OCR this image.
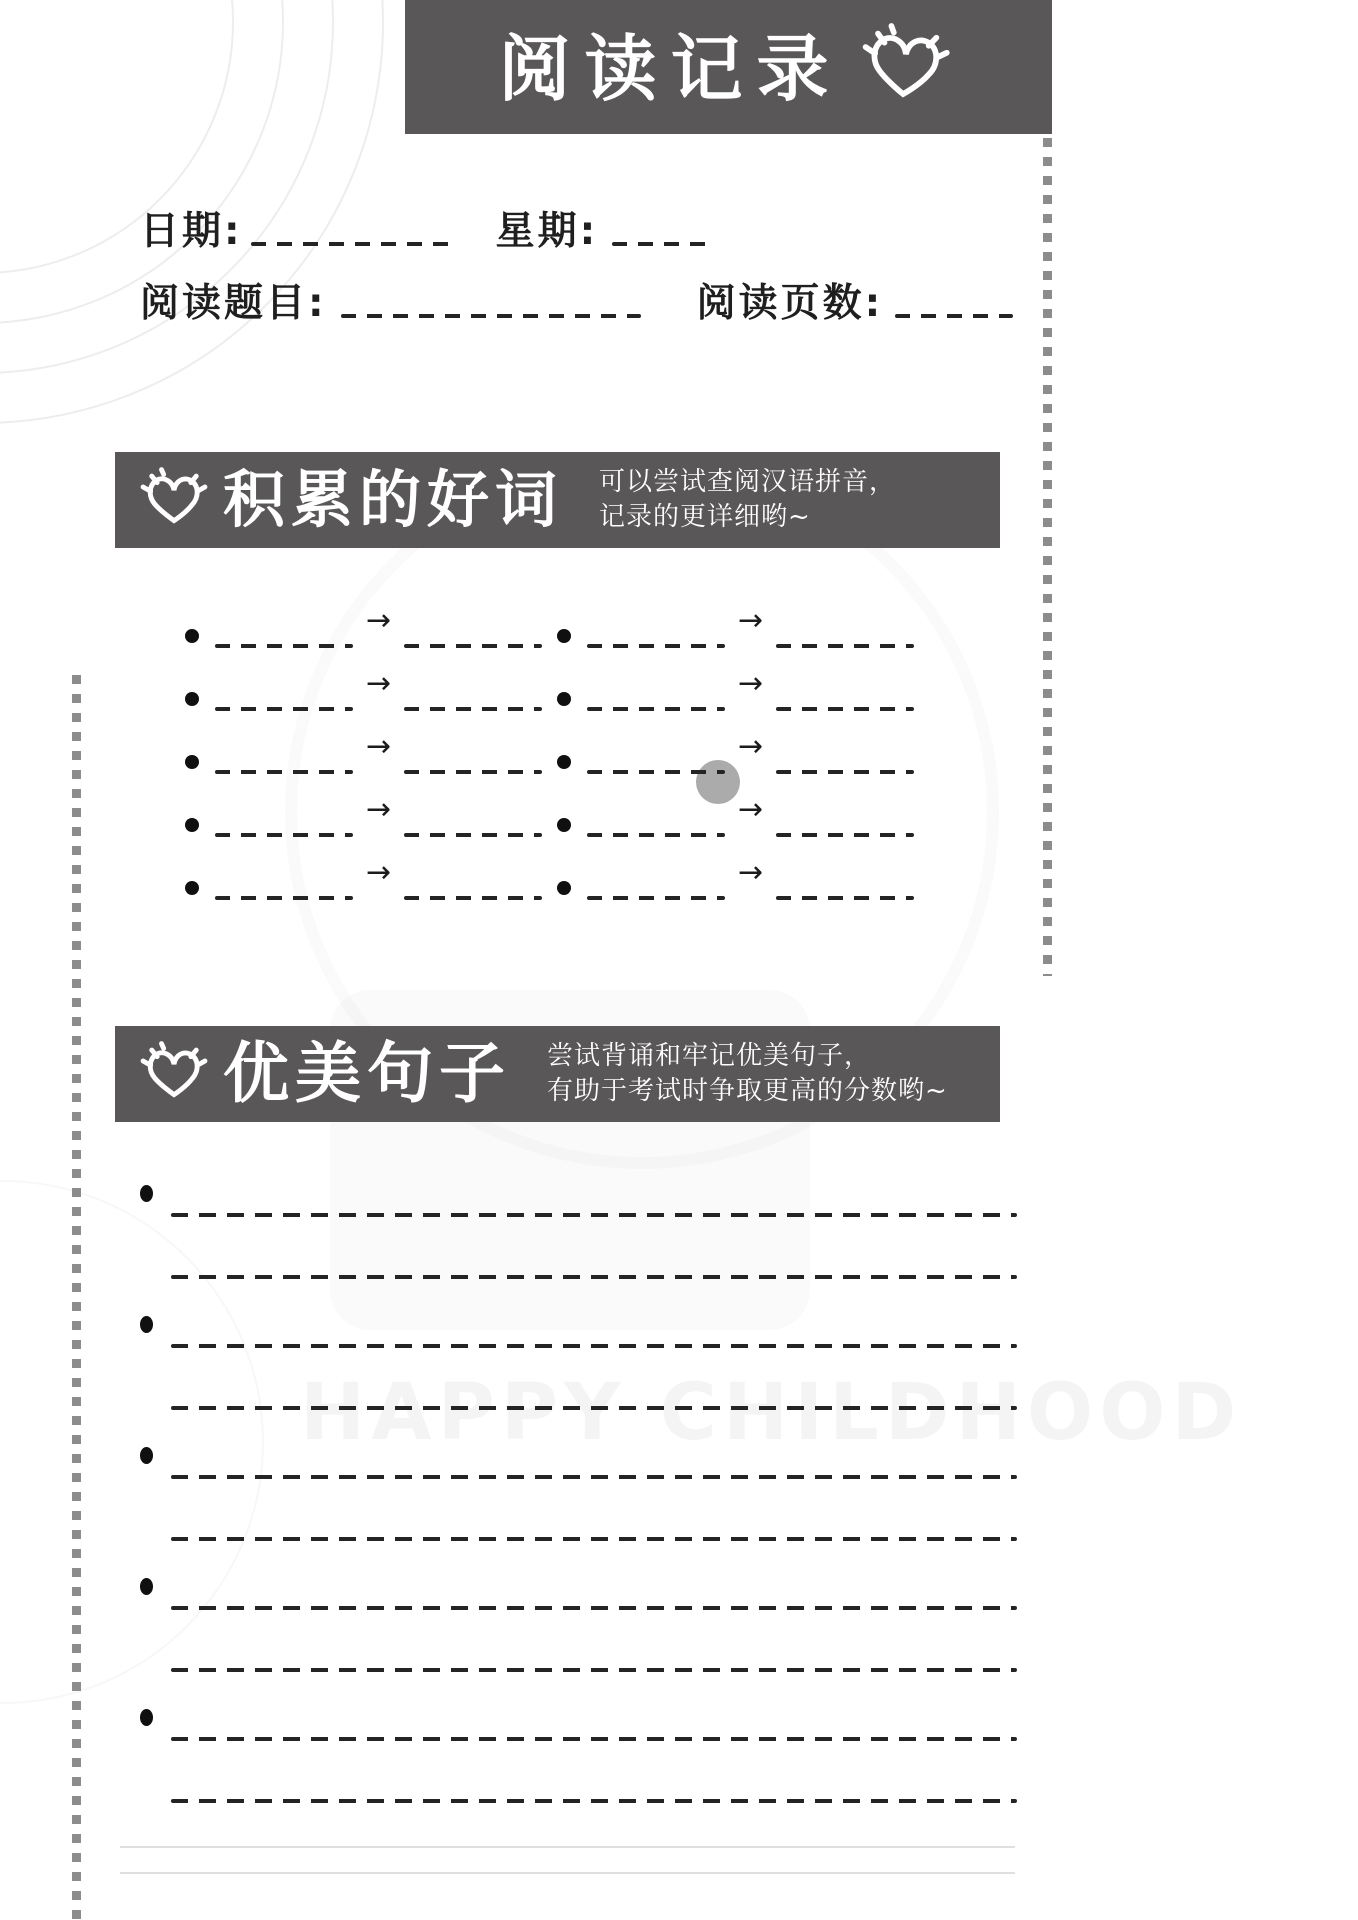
阅读记录
日期:	星期:
阅读题目:	阅读页数:
积累的好词 可以尝试查阅汉语拼音，
记录的更详细哟~
→	→
→	→
→	→
→	→
→	→
优美句子 尝试背诵和牢记优美句子，
有助于考试时争取更高的分数哟~
